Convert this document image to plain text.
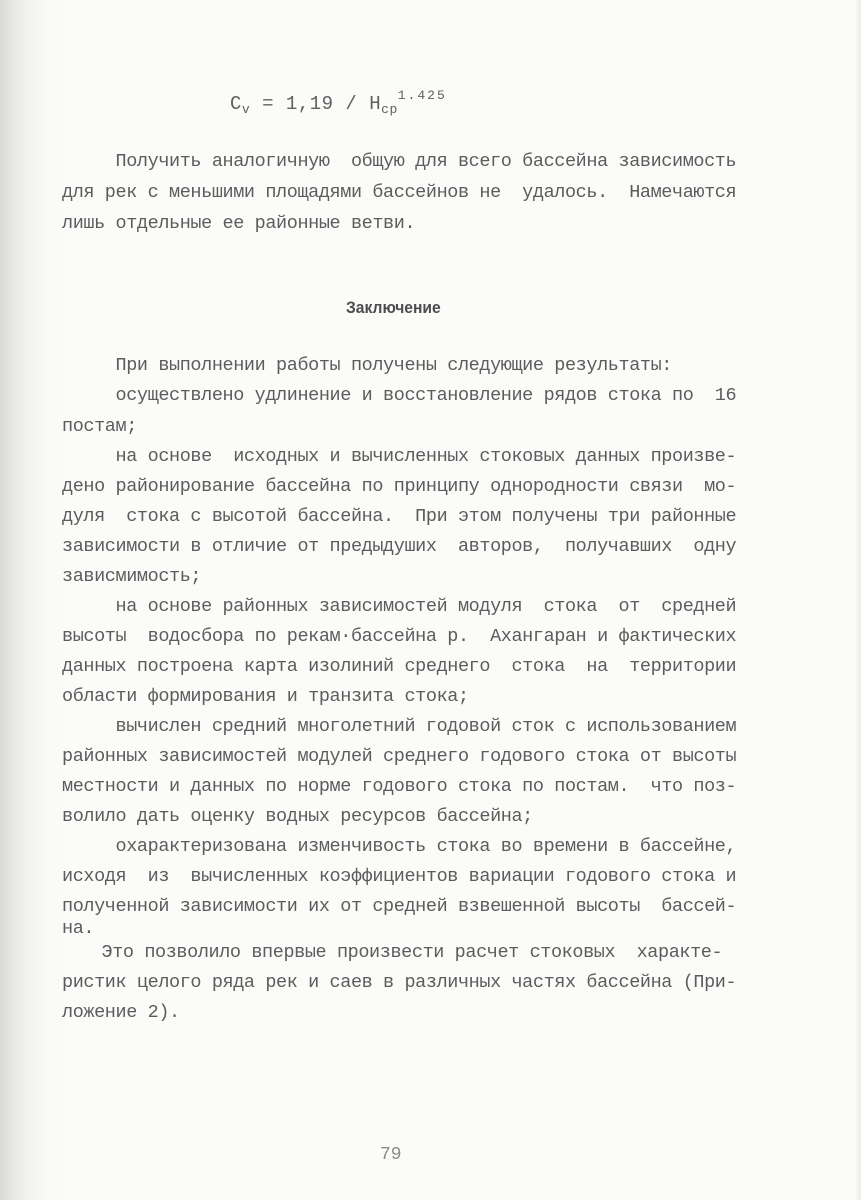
$C_v = 1,19 / H_{cp}^{1.425}$
Получить аналогичную  общую для всего бассейна зависимость
для рек с меньшими площадями бассейнов не  удалось.  Намечаются
лишь отдельные ее районные ветви.
Заключение
При выполнении работы получены следующие результаты:
осуществлено удлинение и восстановление рядов стока по  16
постам;
на основе  исходных и вычисленных стоковых данных произве-
дено районирование бассейна по принципу однородности связи  мо-
дуля  стока с высотой бассейна.  При этом получены три районные
зависимости в отличие от предыдуших  авторов,  получавших  одну
зависмимость;
на основе районных зависимостей модуля  стока  от  средней
высоты  водосбора по рекам·бассейна р.  Ахангаран и фактических
данных построена карта изолиний среднего  стока  на  территории
области формирования и транзита стока;
вычислен средний многолетний годовой сток с использованием
районных зависимостей модулей среднего годового стока от высоты
местности и данных по норме годового стока по постам.  что поз-
волило дать оценку водных ресурсов бассейна;
охарактеризована изменчивость стока во времени в бассейне,
исходя  из  вычисленных коэффициентов вариации годового стока и
полученной зависимости их от средней взвешенной высоты  бассей-
на.
Это позволило впервые произвести расчет стоковых  характе-
ристик целого ряда рек и саев в различных частях бассейна (При-
ложение 2).
79
